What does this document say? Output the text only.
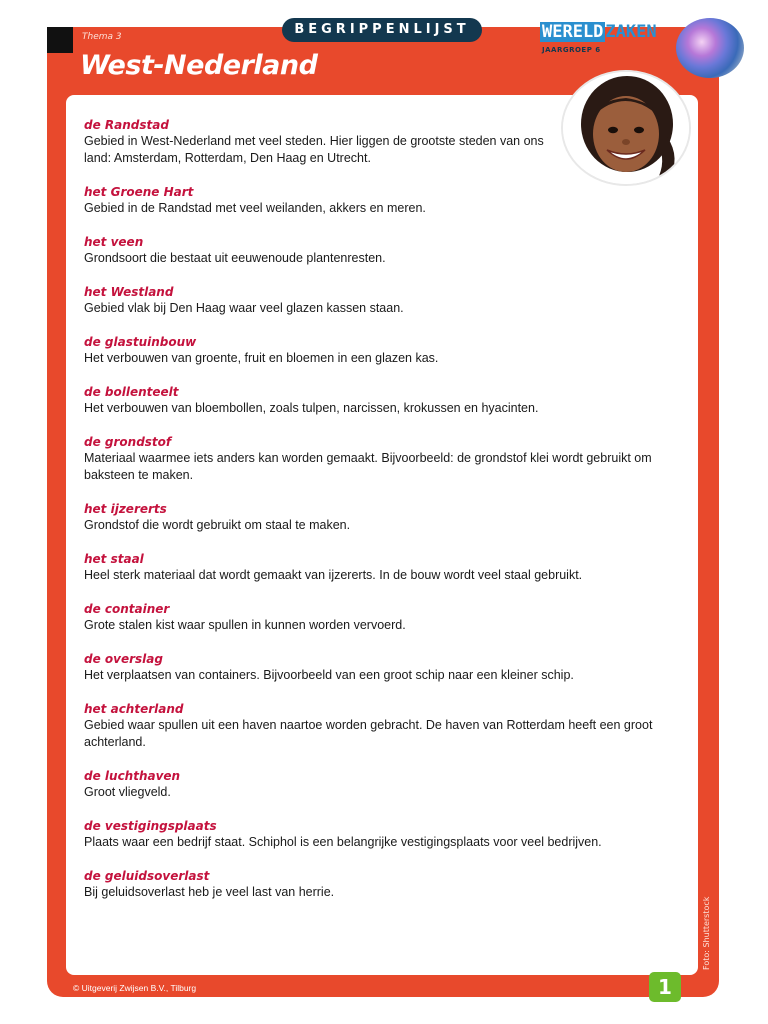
BEGRIPPENLIJST
Thema 3
West-Nederland
WERELD ZAKEN
JAARGROEP 6
de Randstad
Gebied in West-Nederland met veel steden. Hier liggen de grootste steden van ons land: Amsterdam, Rotterdam, Den Haag en Utrecht.
het Groene Hart
Gebied in de Randstad met veel weilanden, akkers en meren.
het veen
Grondsoort die bestaat uit eeuwenoude plantenresten.
het Westland
Gebied vlak bij Den Haag waar veel glazen kassen staan.
de glastuinbouw
Het verbouwen van groente, fruit en bloemen in een glazen kas.
de bollenteelt
Het verbouwen van bloembollen, zoals tulpen, narcissen, krokussen en hyacinten.
de grondstof
Materiaal waarmee iets anders kan worden gemaakt. Bijvoorbeeld: de grondstof klei wordt gebruikt om baksteen te maken.
het ijzererts
Grondstof die wordt gebruikt om staal te maken.
het staal
Heel sterk materiaal dat wordt gemaakt van ijzererts. In de bouw wordt veel staal gebruikt.
de container
Grote stalen kist waar spullen in kunnen worden vervoerd.
de overslag
Het verplaatsen van containers. Bijvoorbeeld van een groot schip naar een kleiner schip.
het achterland
Gebied waar spullen uit een haven naartoe worden gebracht. De haven van Rotterdam heeft een groot achterland.
de luchthaven
Groot vliegveld.
de vestigingsplaats
Plaats waar een bedrijf staat. Schiphol is een belangrijke vestigingsplaats voor veel bedrijven.
de geluidsoverlast
Bij geluidsoverlast heb je veel last van herrie.
Foto: Shutterstock
© Uitgeverij Zwijsen B.V., Tilburg	1
